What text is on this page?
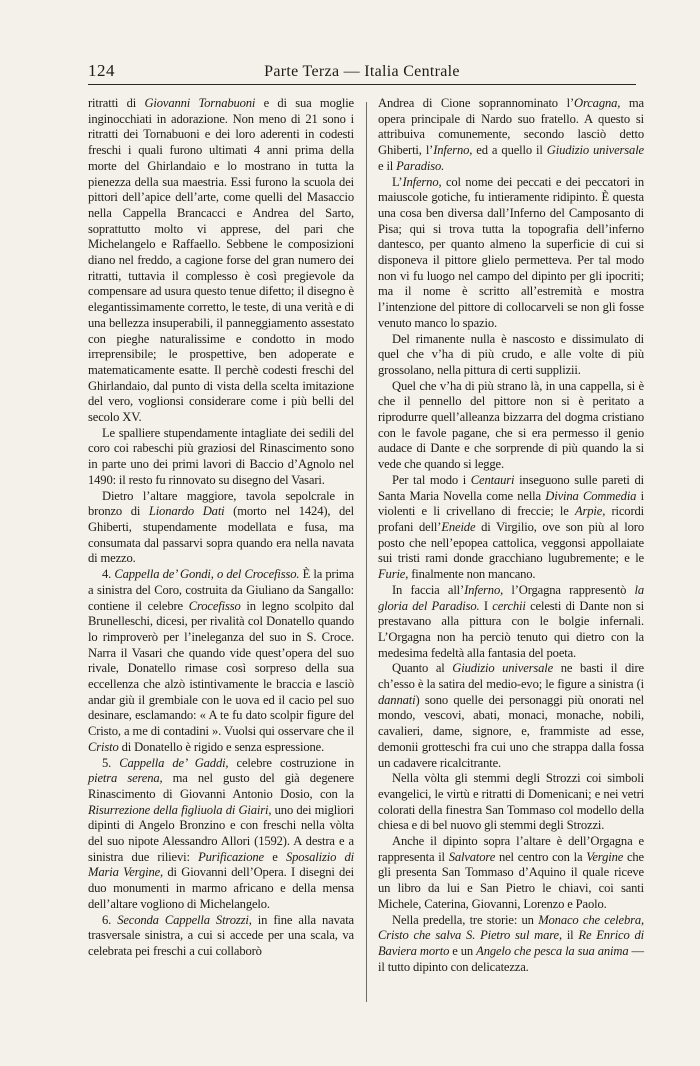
124	Parte Terza — Italia Centrale

ritratti di Giovanni Tornabuoni e di sua moglie inginocchiati in adorazione. Non meno di 21 sono i ritratti dei Tornabuoni e dei loro aderenti in codesti freschi i quali furono ultimati 4 anni prima della morte del Ghirlandaio e lo mostrano in tutta la pienezza della sua maestria. Essi furono la scuola dei pittori dell’apice dell’arte, come quelli del Masaccio nella Cappella Brancacci e Andrea del Sarto, soprattutto molto vi apprese, del pari che Michelangelo e Raffaello. Sebbene le composizioni diano nel freddo, a cagione forse del gran numero dei ritratti, tuttavia il complesso è così pregievole da compensare ad usura questo tenue difetto; il disegno è elegantissimamente corretto, le teste, di una verità e di una bellezza insuperabili, il panneggiamento assestato con pieghe naturalissime e condotto in modo irreprensibile; le prospettive, ben adoperate e matematicamente esatte. Il perchè codesti freschi del Ghirlandaio, dal punto di vista della scelta imitazione del vero, voglionsi considerare come i più belli del secolo XV.

Le spalliere stupendamente intagliate dei sedili del coro coi rabeschi più graziosi del Rinascimento sono in parte uno dei primi lavori di Baccio d’Agnolo nel 1490: il resto fu rinnovato su disegno del Vasari.

Dietro l’altare maggiore, tavola sepolcrale in bronzo di Lionardo Dati (morto nel 1424), del Ghiberti, stupendamente modellata e fusa, ma consumata dal passarvi sopra quando era nella navata di mezzo.

4. Cappella de’ Gondi, o del Crocefisso. È la prima a sinistra del Coro, costruita da Giuliano da Sangallo: contiene il celebre Crocefisso in legno scolpito dal Brunelleschi, dicesi, per rivalità col Donatello quando lo rimproverò per l’ineleganza del suo in S. Croce. Narra il Vasari che quando vide quest’opera del suo rivale, Donatello rimase così sorpreso della sua eccellenza che alzò istintivamente le braccia e lasciò andar giù il grembiale con le uova ed il cacio pel suo desinare, esclamando: « A te fu dato scolpir figure del Cristo, a me di contadini ». Vuolsi qui osservare che il Cristo di Donatello è rigido e senza espressione.

5. Cappella de’ Gaddi, celebre costruzione in pietra serena, ma nel gusto del già degenere Rinascimento di Giovanni Antonio Dosio, con la Risurrezione della figliuola di Giairi, uno dei migliori dipinti di Angelo Bronzino e con freschi nella vòlta del suo nipote Alessandro Allori (1592). A destra e a sinistra due rilievi: Purificazione e Sposalizio di Maria Vergine, di Giovanni dell’Opera. I disegni dei duo monumenti in marmo africano e della mensa dell’altare vogliono di Michelangelo.

6. Seconda Cappella Strozzi, in fine alla navata trasversale sinistra, a cui si accede per una scala, va celebrata pei freschi a cui collaborò

Andrea di Cione soprannominato l’Orcagna, ma opera principale di Nardo suo fratello. A questo si attribuiva comunemente, secondo lasciò detto Ghiberti, l’Inferno, ed a quello il Giudizio universale e il Paradiso.

L’Inferno, col nome dei peccati e dei peccatori in maiuscole gotiche, fu intieramente ridipinto. È questa una cosa ben diversa dall’Inferno del Camposanto di Pisa; qui si trova tutta la topografia dell’inferno dantesco, per quanto almeno la superficie di cui si disponeva il pittore glielo permetteva. Per tal modo non vi fu luogo nel campo del dipinto per gli ipocriti; ma il nome è scritto all’estremità e mostra l’intenzione del pittore di collocarveli se non gli fosse venuto manco lo spazio.

Del rimanente nulla è nascosto e dissimulato di quel che v’ha di più crudo, e alle volte di più grossolano, nella pittura di certi supplizii.

Quel che v’ha di più strano là, in una cappella, si è che il pennello del pittore non si è peritato a riprodurre quell’alleanza bizzarra del dogma cristiano con le favole pagane, che si era permesso il genio audace di Dante e che sorprende di più quando la si vede che quando si legge.

Per tal modo i Centauri inseguono sulle pareti di Santa Maria Novella come nella Divina Commedia i violenti e li crivellano di freccie; le Arpie, ricordi profani dell’Eneide di Virgilio, ove son più al loro posto che nell’epopea cattolica, veggonsi appollaiate sui tristi rami donde gracchiano lugubremente; e le Furie, finalmente non mancano.

In faccia all’Inferno, l’Orgagna rappresentò la gloria del Paradiso. I cerchii celesti di Dante non si prestavano alla pittura con le bolgie infernali. L’Orgagna non ha perciò tenuto qui dietro con la medesima fedeltà alla fantasia del poeta.

Quanto al Giudizio universale ne basti il dire ch’esso è la satira del medio-evo; le figure a sinistra (i dannati) sono quelle dei personaggi più onorati nel mondo, vescovi, abati, monaci, monache, nobili, cavalieri, dame, signore, e, frammiste ad esse, demonii grotteschi fra cui uno che strappa dalla fossa un cadavere ricalcitrante.

Nella vòlta gli stemmi degli Strozzi coi simboli evangelici, le virtù e ritratti di Domenicani; e nei vetri colorati della finestra San Tommaso col modello della chiesa e di bel nuovo gli stemmi degli Strozzi.

Anche il dipinto sopra l’altare è dell’Orgagna e rappresenta il Salvatore nel centro con la Vergine che gli presenta San Tommaso d’Aquino il quale riceve un libro da lui e San Pietro le chiavi, coi santi Michele, Caterina, Giovanni, Lorenzo e Paolo.

Nella predella, tre storie: un Monaco che celebra, Cristo che salva S. Pietro sul mare, il Re Enrico di Baviera morto e un Angelo che pesca la sua anima — il tutto dipinto con delicatezza.
